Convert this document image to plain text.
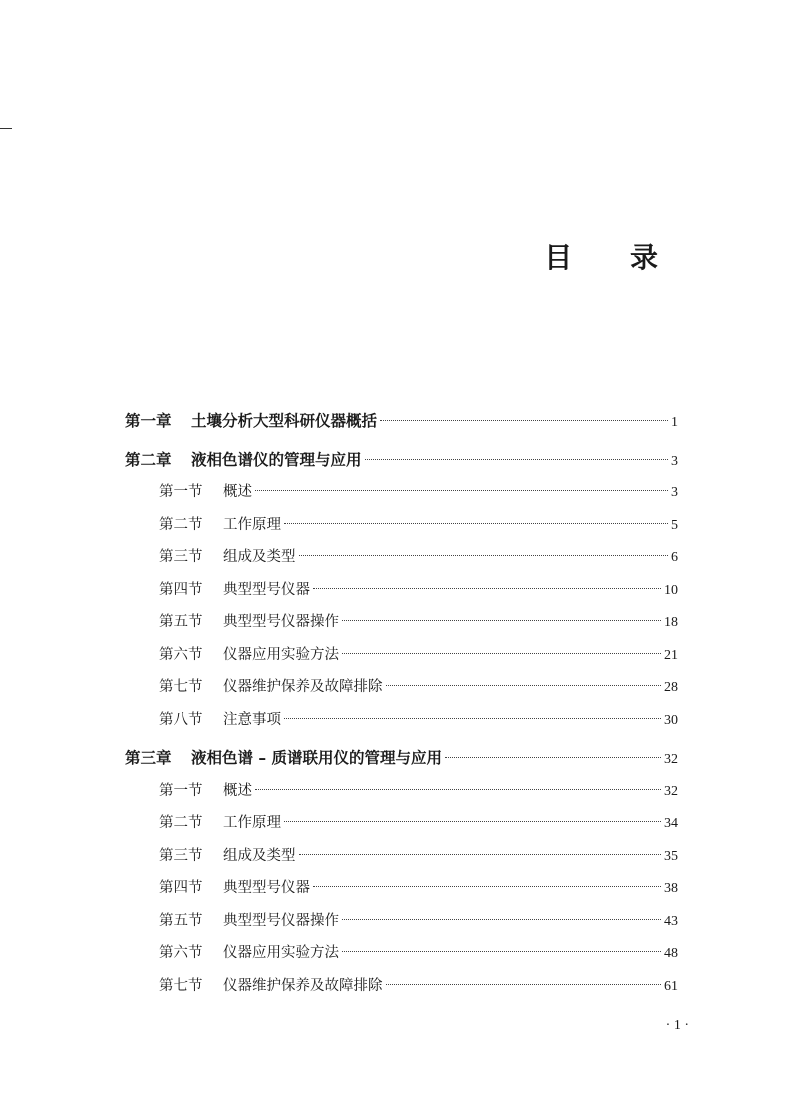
目 录
第一章	土壤分析大型科研仪器概括	1
第二章	液相色谱仪的管理与应用	3
第一节	概述	3
第二节	工作原理	5
第三节	组成及类型	6
第四节	典型型号仪器	10
第五节	典型型号仪器操作	18
第六节	仪器应用实验方法	21
第七节	仪器维护保养及故障排除	28
第八节	注意事项	30
第三章	液相色谱 – 质谱联用仪的管理与应用	32
第一节	概述	32
第二节	工作原理	34
第三节	组成及类型	35
第四节	典型型号仪器	38
第五节	典型型号仪器操作	43
第六节	仪器应用实验方法	48
第七节	仪器维护保养及故障排除	61
· 1 ·
